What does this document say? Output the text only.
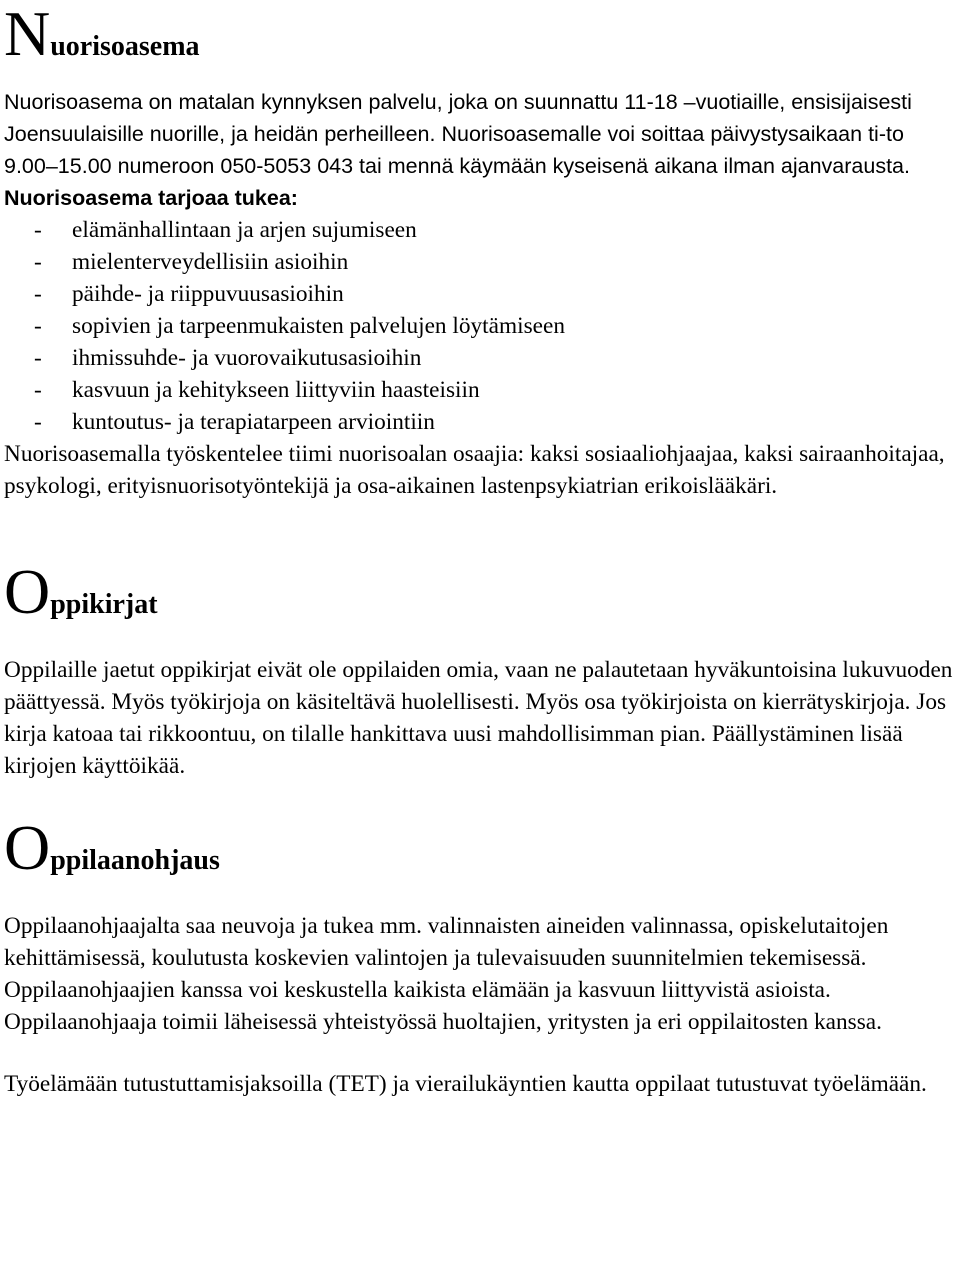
Nuorisoasema

Nuorisoasema on matalan kynnyksen palvelu, joka on suunnattu 11-18 –vuotiaille, ensisijaisesti Joensuulaisille nuorille, ja heidän perheilleen. Nuorisoasemalle voi soittaa päivystysaikaan ti-to 9.00–15.00 numeroon 050-5053 043 tai mennä käymään kyseisenä aikana ilman ajanvarausta.

Nuorisoasema tarjoaa tukea:

- elämänhallintaan ja arjen sujumiseen
- mielenterveydellisiin asioihin
- päihde- ja riippuvuusasioihin
- sopivien ja tarpeenmukaisten palvelujen löytämiseen
- ihmissuhde- ja vuorovaikutusasioihin
- kasvuun ja kehitykseen liittyviin haasteisiin
- kuntoutus- ja terapiatarpeen arviointiin

Nuorisoasemalla työskentelee tiimi nuorisoalan osaajia: kaksi sosiaaliohjaajaa, kaksi sairaanhoitajaa, psykologi, erityisnuorisotyöntekijä ja osa-aikainen lastenpsykiatrian erikoislääkäri.

Oppikirjat

Oppilaille jaetut oppikirjat eivät ole oppilaiden omia, vaan ne palautetaan hyväkuntoisina lukuvuoden päättyessä. Myös työkirjoja on käsiteltävä huolellisesti. Myös osa työkirjoista on kierrätyskirjoja. Jos kirja katoaa tai rikkoontuu, on tilalle hankittava uusi mahdollisimman pian. Päällystäminen lisää kirjojen käyttöikää.

Oppilaanohjaus

Oppilaanohjaajalta saa neuvoja ja tukea mm. valinnaisten aineiden valinnassa, opiskelutaitojen kehittämisessä, koulutusta koskevien valintojen ja tulevaisuuden suunnitelmien tekemisessä. Oppilaanohjaajien kanssa voi keskustella kaikista elämään ja kasvuun liittyvistä asioista. Oppilaanohjaaja toimii läheisessä yhteistyössä huoltajien, yritysten ja eri oppilaitosten kanssa.

Työelämään tutustuttamisjaksoilla (TET) ja vierailukäyntien kautta oppilaat tutustuvat työelämään.
